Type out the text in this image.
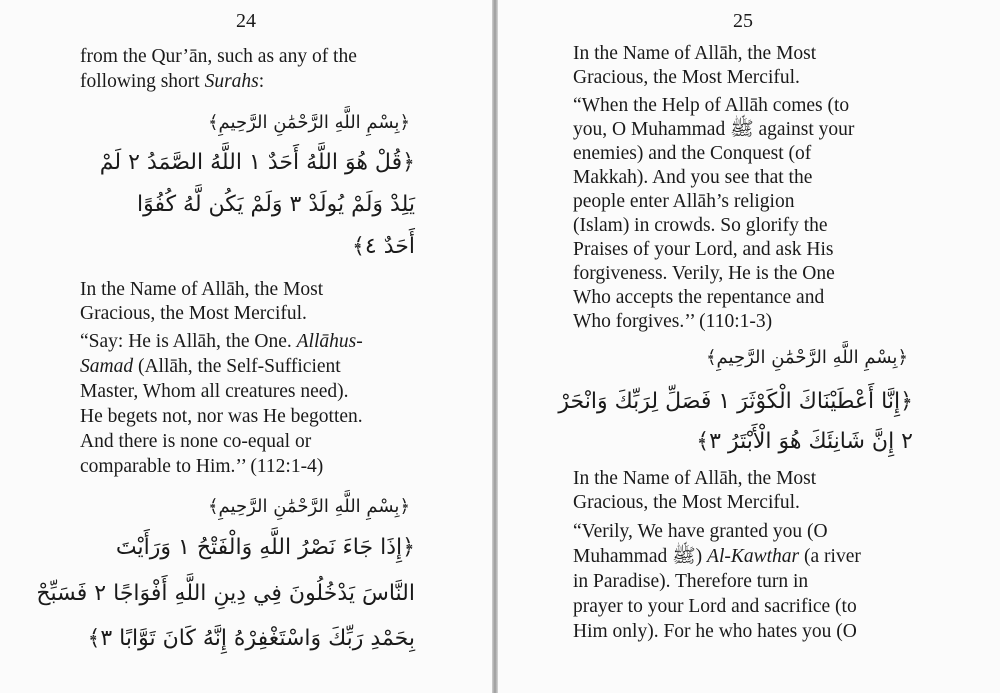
24
from the Qur’ān, such as any of the
following short Surahs:
﴿بِسْمِ اللَّهِ الرَّحْمَٰنِ الرَّحِيمِ﴾
﴿قُلْ هُوَ اللَّهُ أَحَدٌ ١ اللَّهُ الصَّمَدُ ٢ لَمْ
يَلِدْ وَلَمْ يُولَدْ ٣ وَلَمْ يَكُن لَّهُ كُفُوًا
أَحَدٌ ٤﴾
In the Name of Allāh, the Most
Gracious, the Most Merciful.
“Say: He is Allāh, the One. Allāhus-
Samad (Allāh, the Self-Sufficient
Master, Whom all creatures need).
He begets not, nor was He begotten.
And there is none co-equal or
comparable to Him.’’ (112:1-4)
﴿بِسْمِ اللَّهِ الرَّحْمَٰنِ الرَّحِيمِ﴾
﴿إِذَا جَاءَ نَصْرُ اللَّهِ وَالْفَتْحُ ١ وَرَأَيْتَ
النَّاسَ يَدْخُلُونَ فِي دِينِ اللَّهِ أَفْوَاجًا ٢ فَسَبِّحْ
بِحَمْدِ رَبِّكَ وَاسْتَغْفِرْهُ إِنَّهُ كَانَ تَوَّابًا ٣﴾
25
In the Name of Allāh, the Most
Gracious, the Most Merciful.
“When the Help of Allāh comes (to
you, O Muhammad ﷺ against your
enemies) and the Conquest (of
Makkah). And you see that the
people enter Allāh’s religion
(Islam) in crowds. So glorify the
Praises of your Lord, and ask His
forgiveness. Verily, He is the One
Who accepts the repentance and
Who forgives.’’ (110:1-3)
﴿بِسْمِ اللَّهِ الرَّحْمَٰنِ الرَّحِيمِ﴾
﴿إِنَّا أَعْطَيْنَاكَ الْكَوْثَرَ ١ فَصَلِّ لِرَبِّكَ وَانْحَرْ
٢ إِنَّ شَانِئَكَ هُوَ الْأَبْتَرُ ٣﴾
In the Name of Allāh, the Most
Gracious, the Most Merciful.
“Verily, We have granted you (O
Muhammad ﷺ) Al-Kawthar (a river
in Paradise). Therefore turn in
prayer to your Lord and sacrifice (to
Him only). For he who hates you (O
